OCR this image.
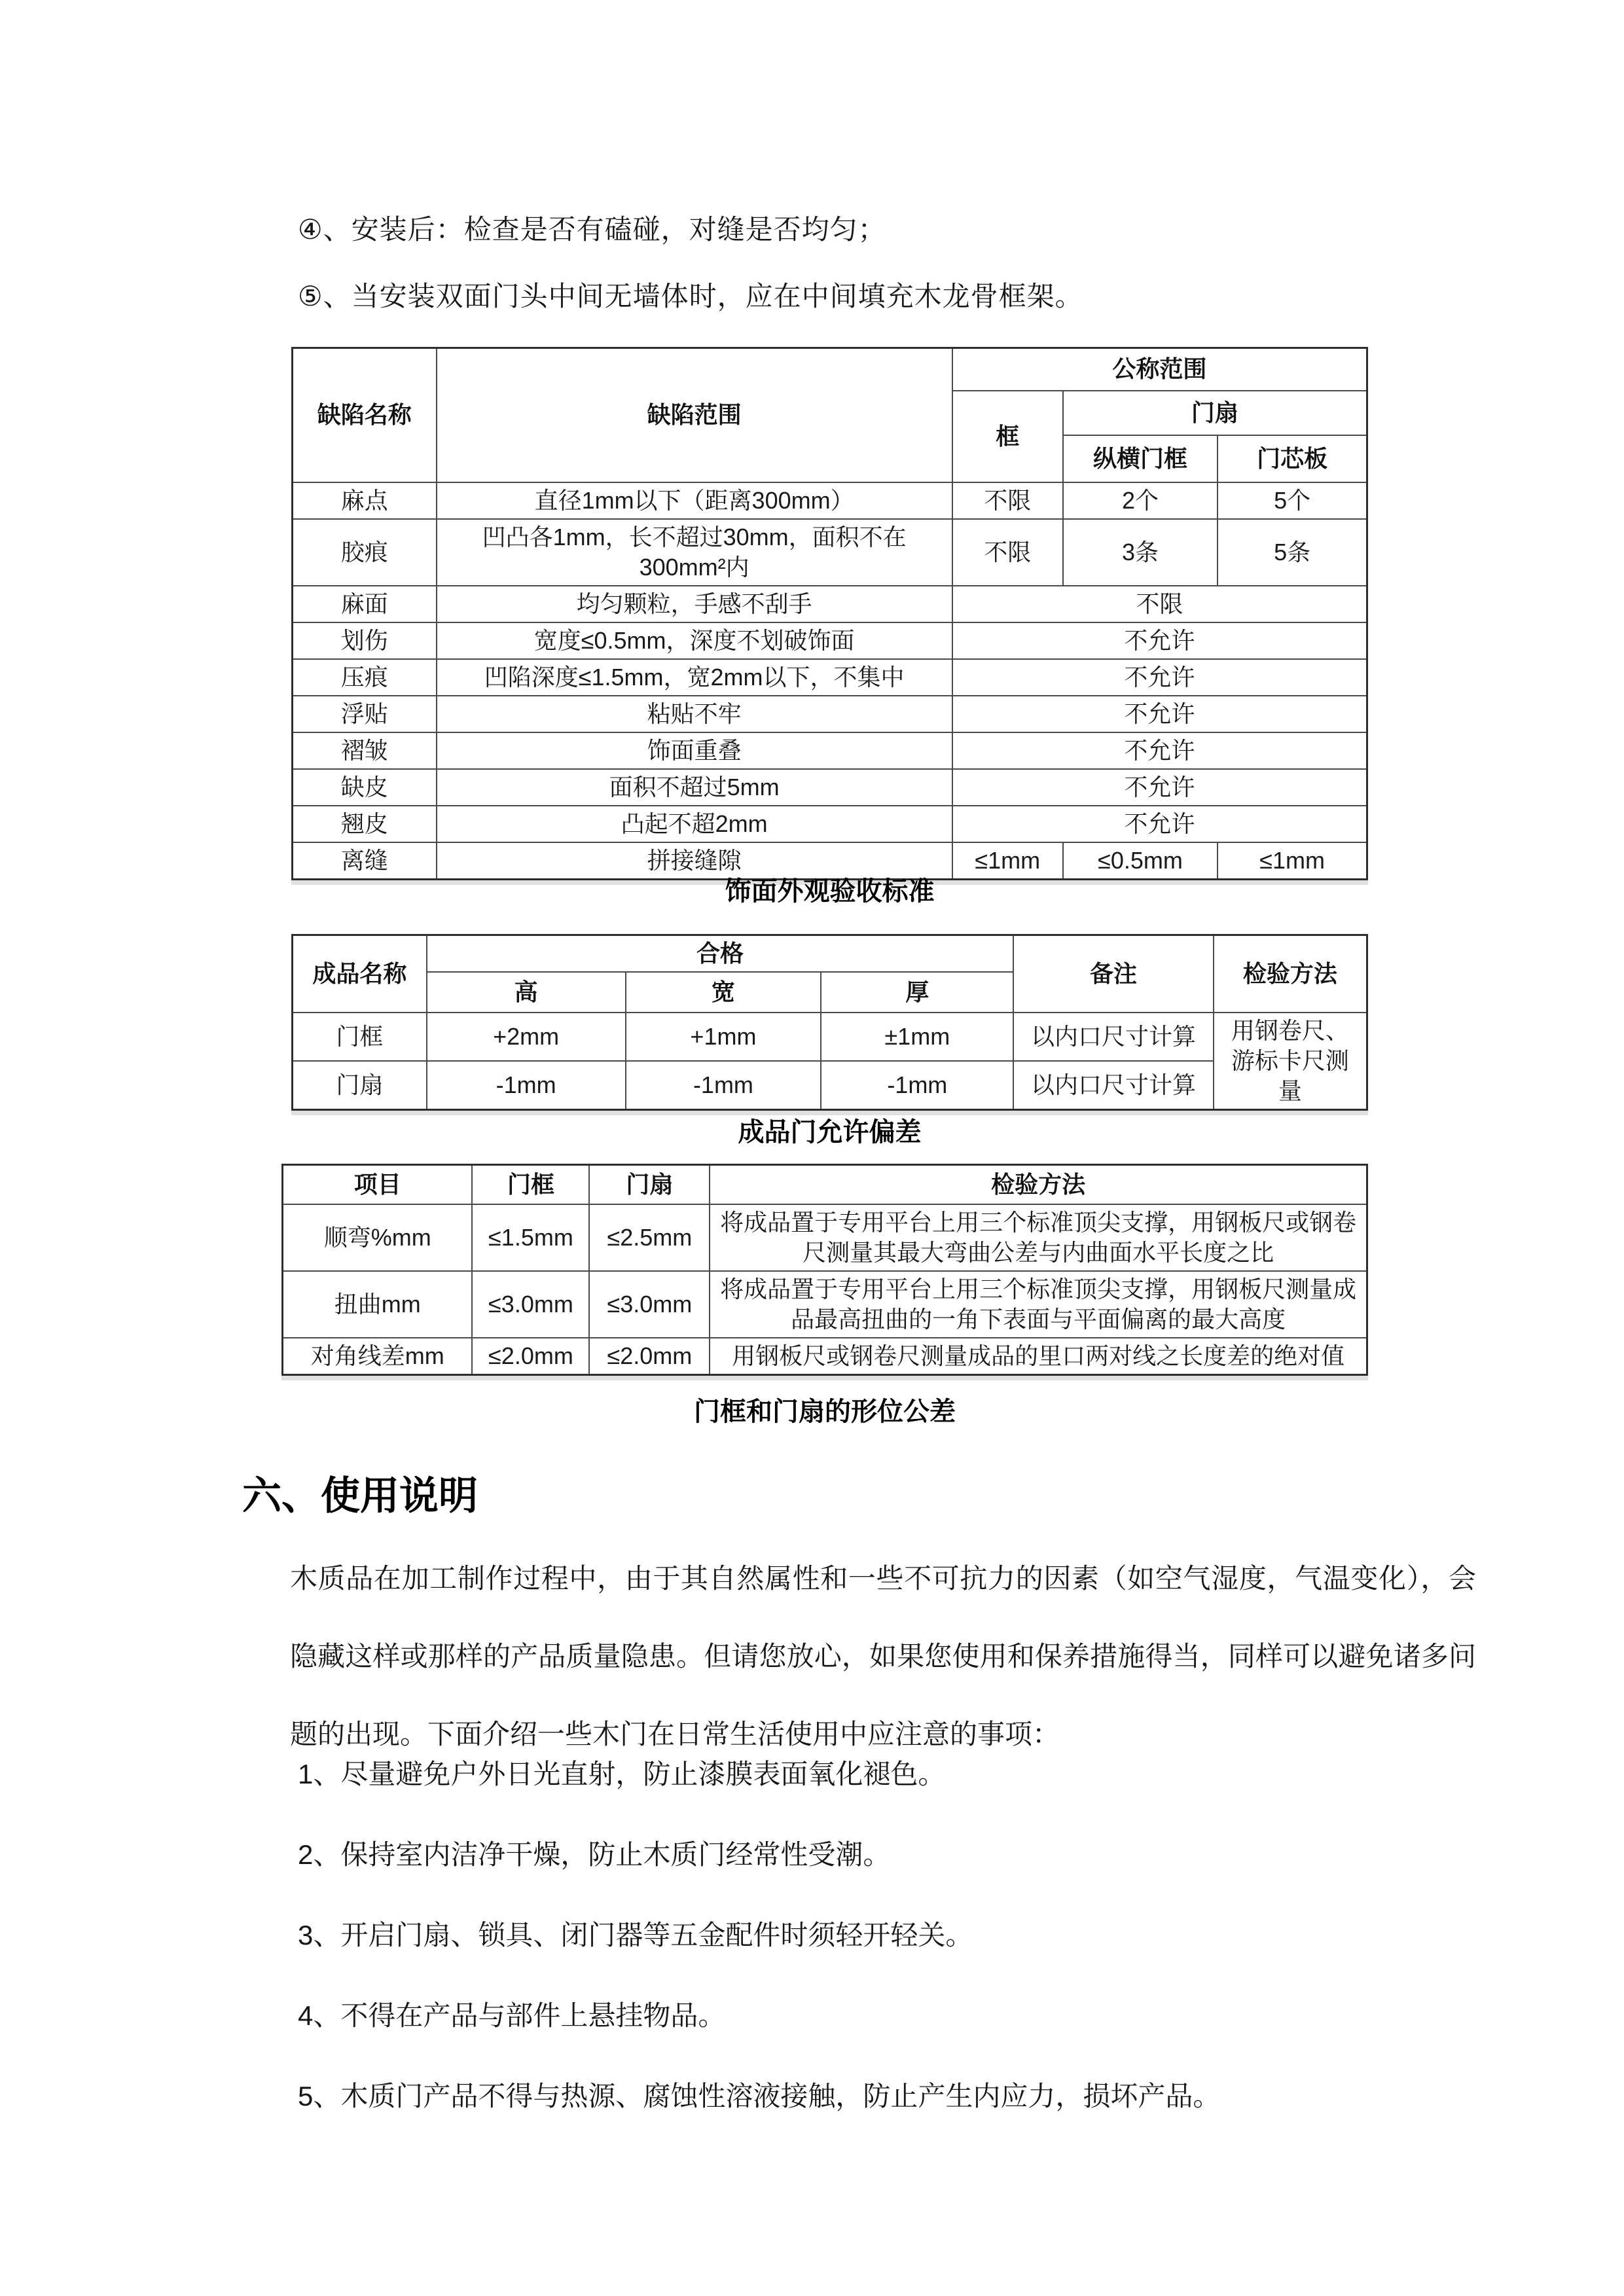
④、安装后：检查是否有磕碰，对缝是否均匀；
⑤、当安装双面门头中间无墙体时，应在中间填充木龙骨框架。
缺陷名称	缺陷范围	公称范围		
		框	门扇	
			纵横门框	门芯板
麻点	直径1mm以下（距离300mm）	不限	2个	5个
胶痕	凹凸各1mm，长不超过30mm，面积不在300mm²内	不限	3条	5条
麻面	均匀颗粒，手感不刮手	不限		
划伤	宽度≤0.5mm，深度不划破饰面	不允许		
压痕	凹陷深度≤1.5mm，宽2mm以下，不集中	不允许		
浮贴	粘贴不牢	不允许		
褶皱	饰面重叠	不允许		
缺皮	面积不超过5mm	不允许		
翘皮	凸起不超2mm	不允许		
离缝	拼接缝隙	≤1mm	≤0.5mm	≤1mm
饰面外观验收标准
成品名称	合格			备注	检验方法
	高	宽	厚		
门框	+2mm	+1mm	±1mm	以内口尺寸计算	用钢卷尺、游标卡尺测量
门扇	-1mm	-1mm	-1mm	以内口尺寸计算	
成品门允许偏差
项目	门框	门扇	检验方法
顺弯%mm	≤1.5mm	≤2.5mm	将成品置于专用平台上用三个标准顶尖支撑，用钢板尺或钢卷尺测量其最大弯曲公差与内曲面水平长度之比
扭曲mm	≤3.0mm	≤3.0mm	将成品置于专用平台上用三个标准顶尖支撑，用钢板尺测量成品最高扭曲的一角下表面与平面偏离的最大高度
对角线差mm	≤2.0mm	≤2.0mm	用钢板尺或钢卷尺测量成品的里口两对线之长度差的绝对值
门框和门扇的形位公差
六、使用说明
木质品在加工制作过程中，由于其自然属性和一些不可抗力的因素（如空气湿度，气温变化），会隐藏这样或那样的产品质量隐患。但请您放心，如果您使用和保养措施得当，同样可以避免诸多问题的出现。下面介绍一些木门在日常生活使用中应注意的事项：
1、尽量避免户外日光直射，防止漆膜表面氧化褪色。
2、保持室内洁净干燥，防止木质门经常性受潮。
3、开启门扇、锁具、闭门器等五金配件时须轻开轻关。
4、不得在产品与部件上悬挂物品。
5、木质门产品不得与热源、腐蚀性溶液接触，防止产生内应力，损坏产品。
